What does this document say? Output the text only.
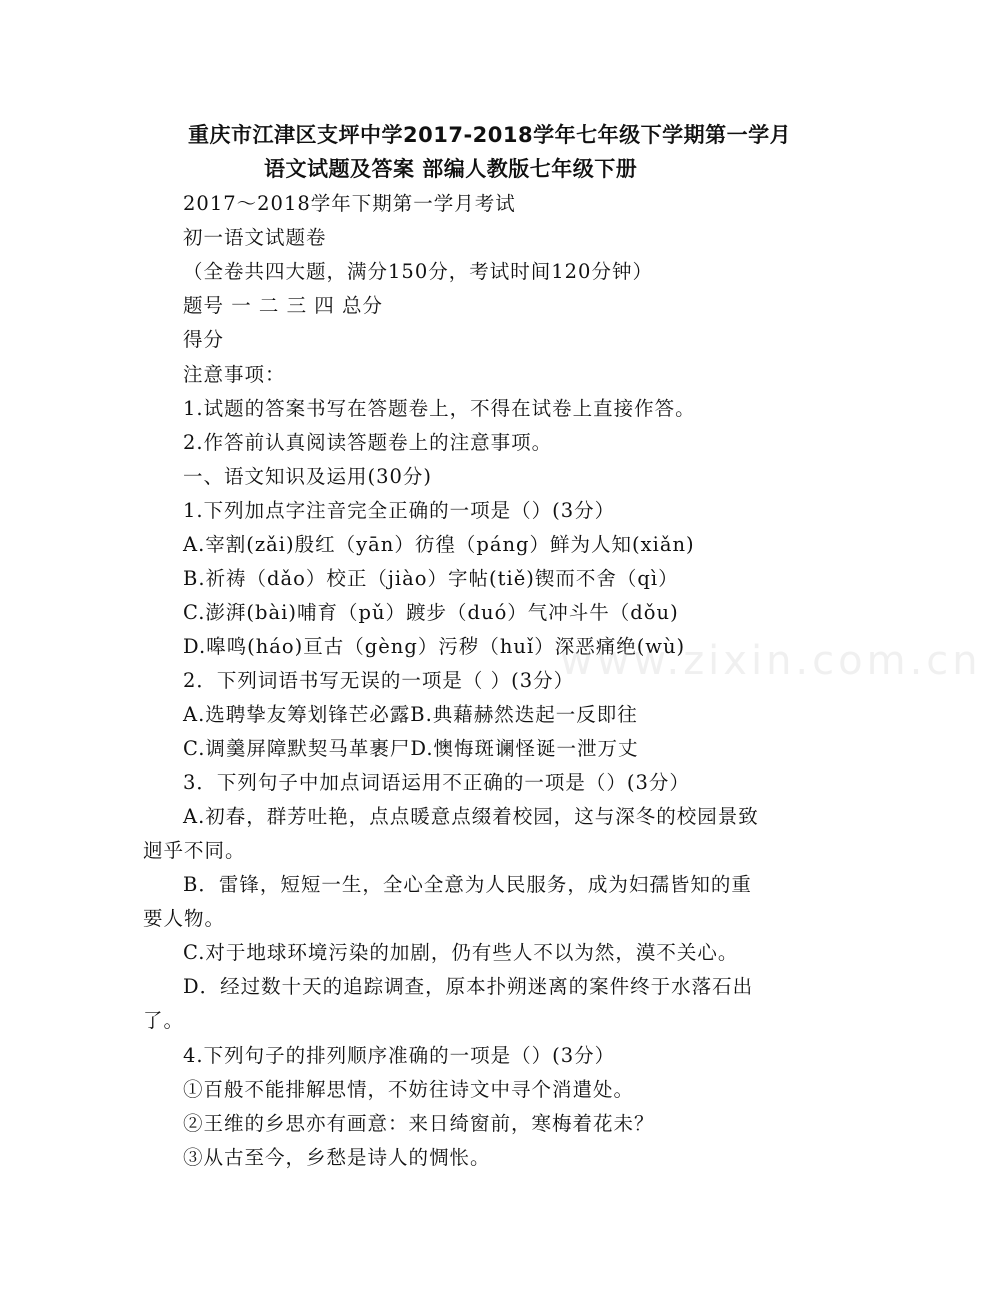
重庆市江津区支坪中学2017-2018学年七年级下学期第一学月
语文试题及答案 部编人教版七年级下册
2017～2018学年下期第一学月考试
初一语文试题卷
（全卷共四大题，满分150分，考试时间120分钟）
题号 一 二 三 四 总分
得分
注意事项：
1.试题的答案书写在答题卷上，不得在试卷上直接作答。
2.作答前认真阅读答题卷上的注意事项。
一、语文知识及运用(30分)
1.下列加点字注音完全正确的一项是（）(3分）
A.宰割(zǎi)殷红（yān）彷徨（páng）鲜为人知(xiǎn)
B.祈祷（dǎo）校正（jiào）字帖(tiě)锲而不舍（qì）
C.澎湃(bài)哺育（pǔ）踱步（duó）气冲斗牛（dǒu)
D.嗥鸣(háo)亘古（gèng）污秽（huǐ）深恶痛绝(wù)
2．下列词语书写无误的一项是（ ）(3分）
A.选聘挚友筹划锋芒必露B.典藉赫然迭起一反即往
C.调羹屏障默契马革裹尸D.懊悔斑谰怪诞一泄万丈
3．下列句子中加点词语运用不正确的一项是（）(3分）
A.初春，群芳吐艳，点点暖意点缀着校园，这与深冬的校园景致
迥乎不同。
B．雷锋，短短一生，全心全意为人民服务，成为妇孺皆知的重
要人物。
C.对于地球环境污染的加剧，仍有些人不以为然，漠不关心。
D．经过数十天的追踪调查，原本扑朔迷离的案件终于水落石出
了。
4.下列句子的排列顺序准确的一项是（）(3分）
①百般不能排解思情，不妨往诗文中寻个消遣处。
②王维的乡思亦有画意：来日绮窗前，寒梅着花未？
③从古至今，乡愁是诗人的惆怅。
www.zixin.com.cn
